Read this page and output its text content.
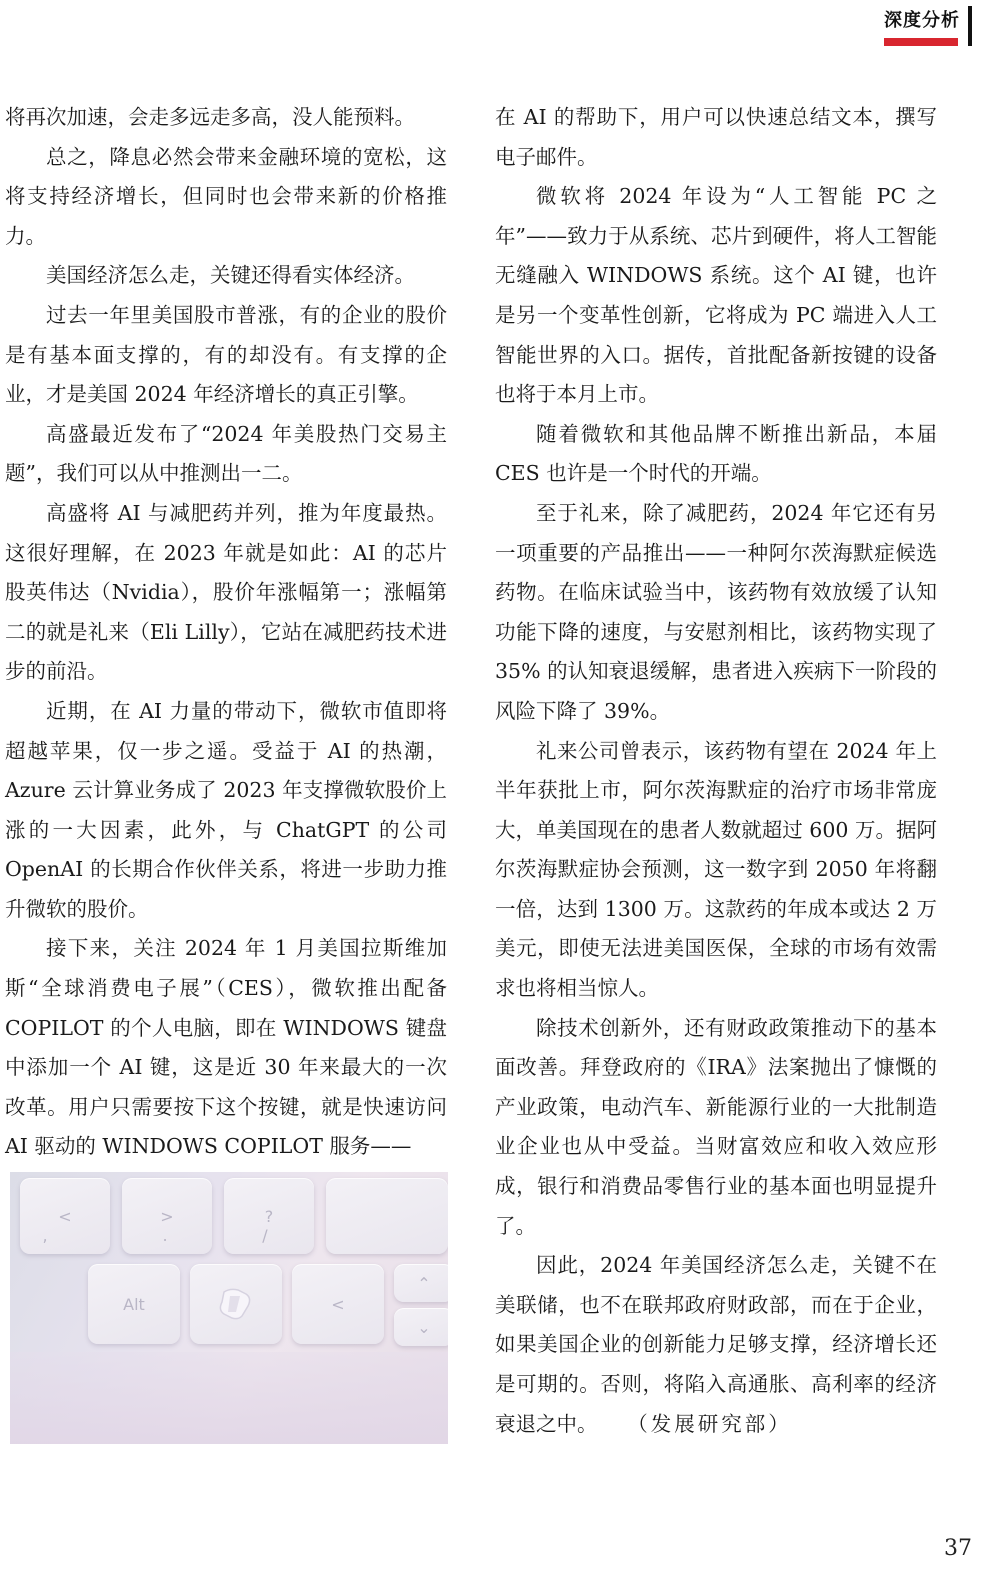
深度分析

将再次加速，会走多远走多高，没人能预料。

总之，降息必然会带来金融环境的宽松，这将支持经济增长，但同时也会带来新的价格推力。

美国经济怎么走，关键还得看实体经济。

过去一年里美国股市普涨，有的企业的股价是有基本面支撑的，有的却没有。有支撑的企业，才是美国 2024 年经济增长的真正引擎。

高盛最近发布了“2024 年美股热门交易主题”，我们可以从中推测出一二。

高盛将 AI 与减肥药并列，推为年度最热。这很好理解，在 2023 年就是如此：AI 的芯片股英伟达（Nvidia），股价年涨幅第一；涨幅第二的就是礼来（Eli Lilly），它站在减肥药技术进步的前沿。

近期，在 AI 力量的带动下，微软市值即将超越苹果，仅一步之遥。受益于 AI 的热潮，Azure 云计算业务成了 2023 年支撑微软股价上涨的一大因素，此外，与 ChatGPT 的公司 OpenAI 的长期合作伙伴关系，将进一步助力推升微软的股价。

接下来，关注 2024 年 1 月美国拉斯维加斯“全球消费电子展”（CES），微软推出配备 COPILOT 的个人电脑，即在 WINDOWS 键盘中添加一个 AI 键，这是近 30 年来最大的一次改革。用户只需要按下这个按键，就是快速访问 AI 驱动的 WINDOWS COPILOT 服务——

<
,
>
.
?
/
Alt	<
⌃
⌄

在 AI 的帮助下，用户可以快速总结文本，撰写电子邮件。

微软将 2024 年设为“人工智能 PC 之年”——致力于从系统、芯片到硬件，将人工智能无缝融入 WINDOWS 系统。这个 AI 键，也许是另一个变革性创新，它将成为 PC 端进入人工智能世界的入口。据传，首批配备新按键的设备也将于本月上市。

随着微软和其他品牌不断推出新品，本届 CES 也许是一个时代的开端。

至于礼来，除了减肥药，2024 年它还有另一项重要的产品推出——一种阿尔茨海默症候选药物。在临床试验当中，该药物有效放缓了认知功能下降的速度，与安慰剂相比，该药物实现了 35% 的认知衰退缓解，患者进入疾病下一阶段的风险下降了 39%。

礼来公司曾表示，该药物有望在 2024 年上半年获批上市，阿尔茨海默症的治疗市场非常庞大，单美国现在的患者人数就超过 600 万。据阿尔茨海默症协会预测，这一数字到 2050 年将翻一倍，达到 1300 万。这款药的年成本或达 2 万美元，即使无法进美国医保，全球的市场有效需求也将相当惊人。

除技术创新外，还有财政政策推动下的基本面改善。拜登政府的《IRA》法案抛出了慷慨的产业政策，电动汽车、新能源行业的一大批制造业企业也从中受益。当财富效应和收入效应形成，银行和消费品零售行业的基本面也明显提升了。

因此，2024 年美国经济怎么走，关键不在美联储，也不在联邦政府财政部，而在于企业，如果美国企业的创新能力足够支撑，经济增长还是可期的。否则，将陷入高通胀、高利率的经济衰退之中。 （发展研究部）

37
